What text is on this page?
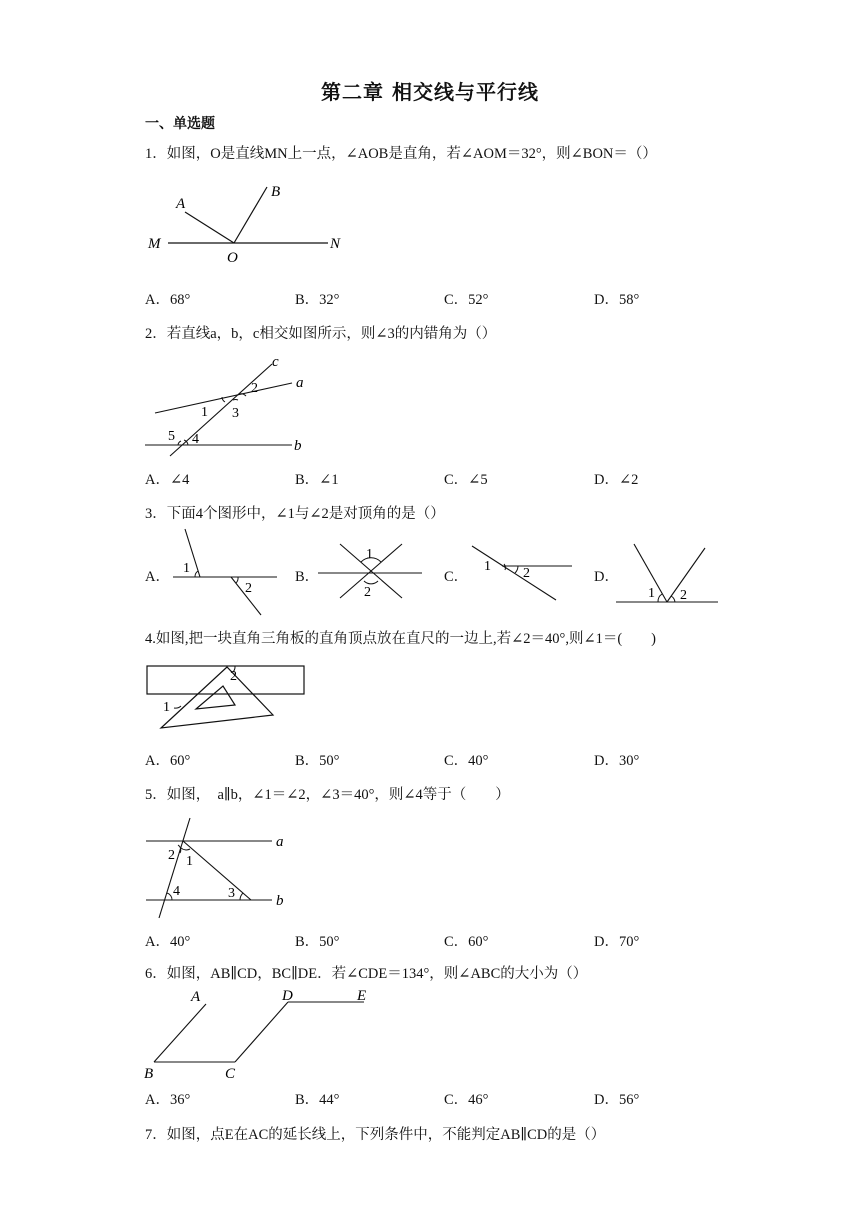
第二章 相交线与平行线
一、单选题
1．如图，O是直线MN上一点，∠AOB是直角，若∠AOM＝32°，则∠BON＝（）
A
B
M
O
N
A．68°	B．32°	C．52°	D．58°
2．若直线a，b，c相交如图所示，则∠3的内错角为（）
c
a
b
1
2
3
4
5
A．∠4	B．∠1	C．∠5	D．∠2
3．下面4个图形中，∠1与∠2是对顶角的是（）
A．
1
2
B．
1
2
C．
1 2	D．
1 2
4.如图,把一块直角三角板的直角顶点放在直尺的一边上,若∠2＝40°,则∠1＝(　　)
2
1
A．60°	B．50°	C．40°	D．30°
5．如图，　a∥b，∠1＝∠2，∠3＝40°，则∠4等于（　　）
a
b
1
2
3
4
A．40°	B．50°	C．60°	D．70°
6．如图，AB∥CD，BC∥DE．若∠CDE＝134°，则∠ABC的大小为（）
A	D	E
B	C
A．36°	B．44°	C．46°	D．56°
7．如图，点E在AC的延长线上，下列条件中，不能判定AB∥CD的是（）
